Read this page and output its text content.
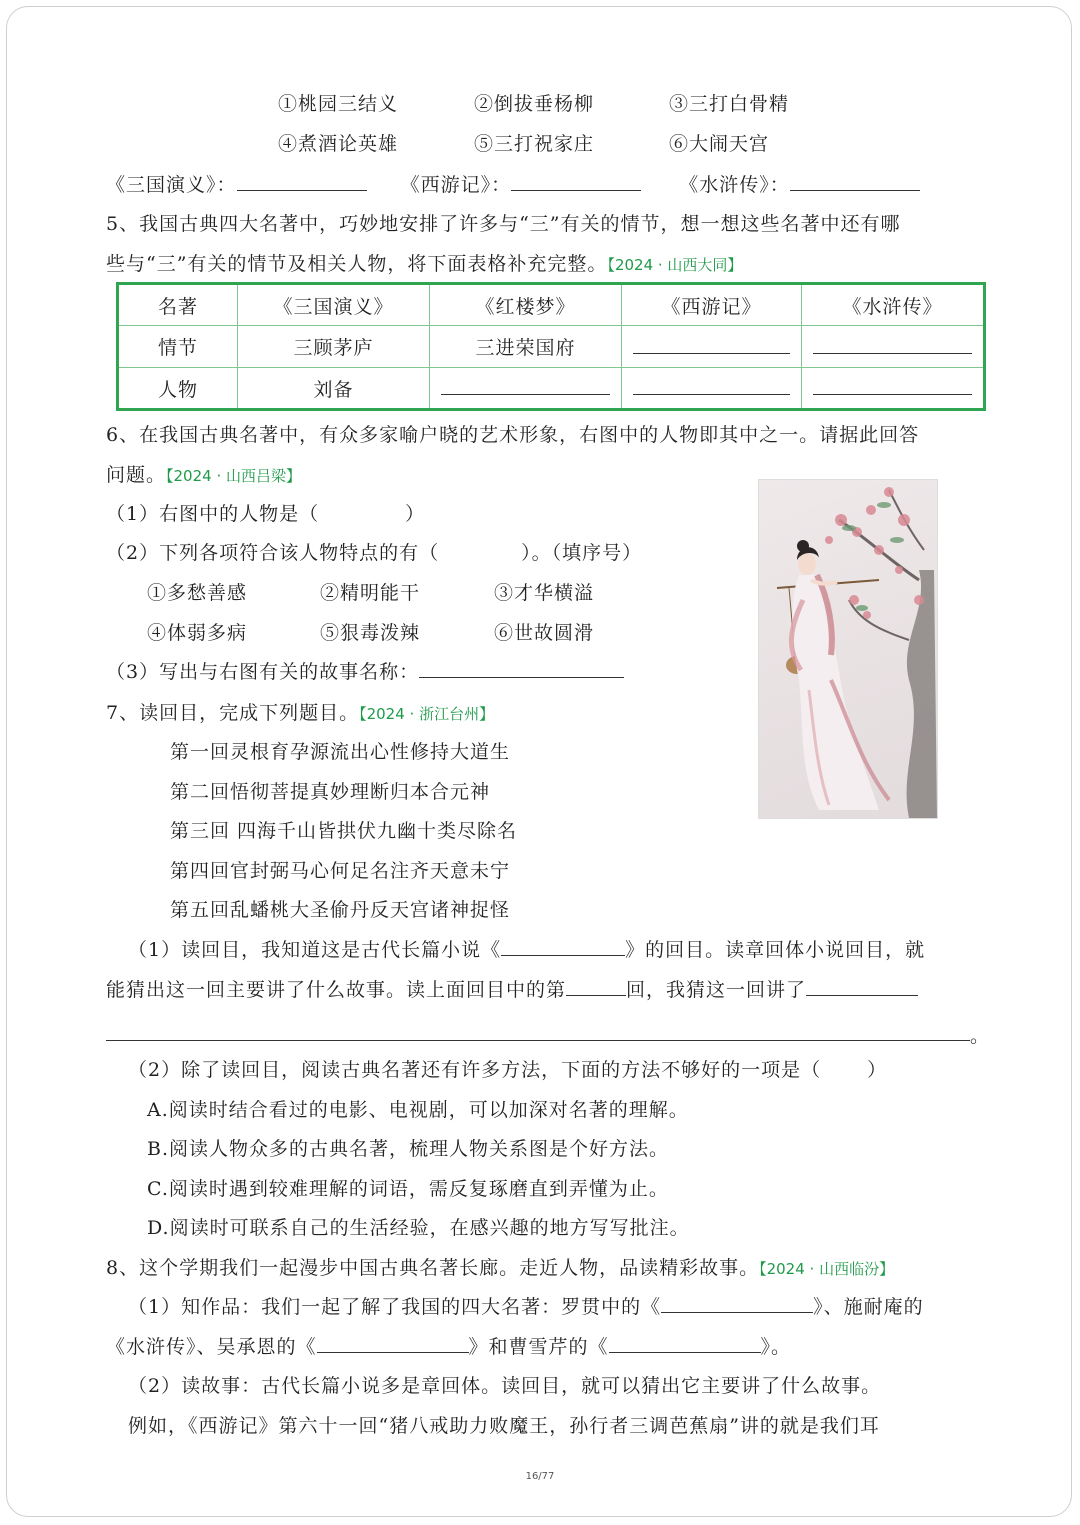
①桃园三结义	②倒拔垂杨柳	③三打白骨精
④煮酒论英雄	⑤三打祝家庄	⑥大闹天宫
《三国演义》：	《西游记》：	《水浒传》：
5、我国古典四大名著中，巧妙地安排了许多与“三”有关的情节，想一想这些名著中还有哪
些与“三”有关的情节及相关人物，将下面表格补充完整。【2024 · 山西大同】
名著	《三国演义》	《红楼梦》	《西游记》	《水浒传》
情节	三顾茅庐	三进荣国府		
人物	刘备			
6、在我国古典名著中，有众多家喻户晓的艺术形象，右图中的人物即其中之一。请据此回答
问题。【2024 · 山西吕梁】
（1）右图中的人物是（	）
（2）下列各项符合该人物特点的有（	）。（填序号）
①多愁善感	②精明能干	③才华横溢
④体弱多病	⑤狠毒泼辣	⑥世故圆滑
（3）写出与右图有关的故事名称：
7、读回目，完成下列题目。【2024 · 浙江台州】
第一回灵根育孕源流出心性修持大道生
第二回悟彻菩提真妙理断归本合元神
第三回 四海千山皆拱伏九幽十类尽除名
第四回官封弼马心何足名注齐天意未宁
第五回乱蟠桃大圣偷丹反天宫诸神捉怪
（1）读回目，我知道这是古代长篇小说《	》的回目。读章回体小说回目，就
能猜出这一回主要讲了什么故事。读上面回目中的第	回，我猜这一回讲了
。
（2）除了读回目，阅读古典名著还有许多方法，下面的方法不够好的一项是（ ）
A.阅读时结合看过的电影、电视剧，可以加深对名著的理解。
B.阅读人物众多的古典名著，梳理人物关系图是个好方法。
C.阅读时遇到较难理解的词语，需反复琢磨直到弄懂为止。
D.阅读时可联系自己的生活经验，在感兴趣的地方写写批注。
8、这个学期我们一起漫步中国古典名著长廊。走近人物，品读精彩故事。【2024 · 山西临汾】
（1）知作品：我们一起了解了我国的四大名著：罗贯中的《	》、施耐庵的
《水浒传》、吴承恩的《	》和曹雪芹的《	》。
（2）读故事：古代长篇小说多是章回体。读回目，就可以猜出它主要讲了什么故事。
例如，《西游记》第六十一回“猪八戒助力败魔王，孙行者三调芭蕉扇”讲的就是我们耳
16/77
